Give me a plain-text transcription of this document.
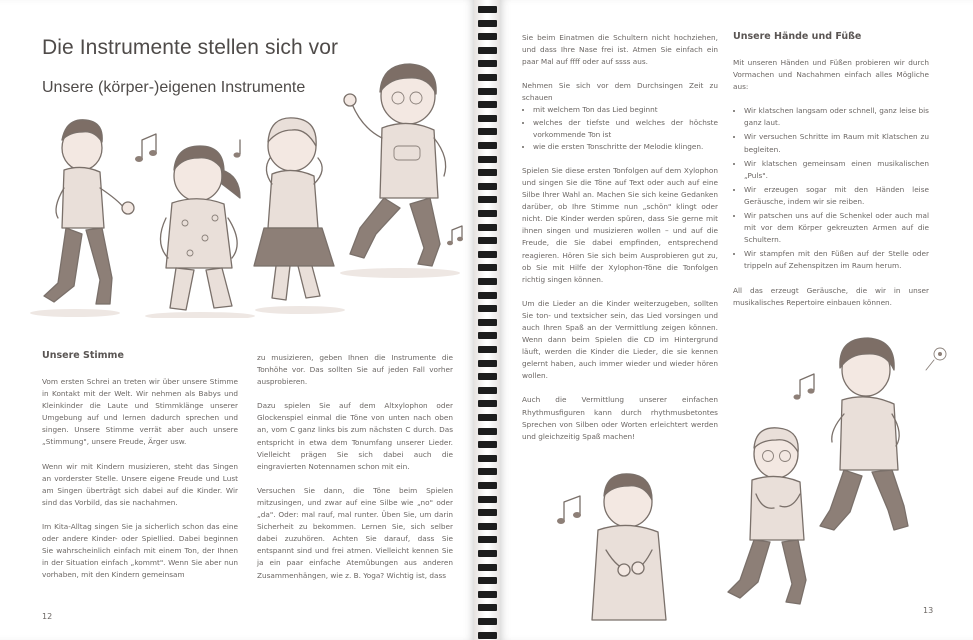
Die Instrumente stellen sich vor
Unsere (körper-)eigenen Instrumente
Unsere Stimme

Vom ersten Schrei an treten wir über unsere Stimme in Kontakt mit der Welt. Wir nehmen als Babys und Kleinkinder die Laute und Stimmklänge unserer Umgebung auf und lernen dadurch sprechen und singen. Unsere Stimme verrät aber auch unsere „Stimmung", unsere Freude, Ärger usw.

Wenn wir mit Kindern musizieren, steht das Singen an vorderster Stelle. Unsere eigene Freude und Lust am Singen überträgt sich dabei auf die Kinder. Wir sind das Vorbild, das sie nachahmen.

Im Kita-Alltag singen Sie ja sicherlich schon das eine oder andere Kinder- oder Spiellied. Dabei beginnen Sie wahrscheinlich einfach mit einem Ton, der Ihnen in der Situation einfach „kommt". Wenn Sie aber nun vorhaben, mit den Kindern gemeinsam

zu musizieren, geben Ihnen die Instrumente die Tonhöhe vor. Das sollten Sie auf jeden Fall vorher ausprobieren.

Dazu spielen Sie auf dem Altxylophon oder Glockenspiel einmal die Töne von unten nach oben an, vom C ganz links bis zum nächsten C durch. Das entspricht in etwa dem Tonumfang unserer Lieder. Vielleicht prägen Sie sich dabei auch die eingravierten Notennamen schon mit ein.

Versuchen Sie dann, die Töne beim Spielen mitzusingen, und zwar auf eine Silbe wie „no" oder „da". Oder: mal rauf, mal runter. Üben Sie, um darin Sicherheit zu bekommen. Lernen Sie, sich selber dabei zuzuhören. Achten Sie darauf, dass Sie entspannt sind und frei atmen. Vielleicht kennen Sie ja ein paar einfache Atemübungen aus anderen Zusammenhängen, wie z. B. Yoga? Wichtig ist, dass

12

Sie beim Einatmen die Schultern nicht hochziehen, und dass Ihre Nase frei ist. Atmen Sie einfach ein paar Mal auf ffff oder auf ssss aus.

Nehmen Sie sich vor dem Durchsingen Zeit zu schauen

• mit welchem Ton das Lied beginnt
• welches der tiefste und welches der höchste vorkommende Ton ist
• wie die ersten Tonschritte der Melodie klingen.

Spielen Sie diese ersten Tonfolgen auf dem Xylophon und singen Sie die Töne auf Text oder auch auf eine Silbe Ihrer Wahl an. Machen Sie sich keine Gedanken darüber, ob Ihre Stimme nun „schön" klingt oder nicht. Die Kinder werden spüren, dass Sie gerne mit ihnen singen und musizieren wollen – und auf die Freude, die Sie dabei empfinden, entsprechend reagieren. Hören Sie sich beim Ausprobieren gut zu, ob Sie mit Hilfe der Xylophon-Töne die Tonfolgen richtig singen können.

Um die Lieder an die Kinder weiterzugeben, sollten Sie ton- und textsicher sein, das Lied vorsingen und auch Ihren Spaß an der Vermittlung zeigen können. Wenn dann beim Spielen die CD im Hintergrund läuft, werden die Kinder die Lieder, die sie kennen gelernt haben, auch immer wieder und wieder hören wollen.

Auch die Vermittlung unserer einfachen Rhythmusfiguren kann durch rhythmusbetontes Sprechen von Silben oder Worten erleichtert werden und gleichzeitig Spaß machen!

Unsere Hände und Füße

Mit unseren Händen und Füßen probieren wir durch Vormachen und Nachahmen einfach alles Mögliche aus:

• Wir klatschen langsam oder schnell, ganz leise bis ganz laut.
• Wir versuchen Schritte im Raum mit Klatschen zu begleiten.
• Wir klatschen gemeinsam einen musikalischen „Puls".
• Wir erzeugen sogar mit den Händen leise Geräusche, indem wir sie reiben.
• Wir patschen uns auf die Schenkel oder auch mal mit vor dem Körper gekreuzten Armen auf die Schultern.
• Wir stampfen mit den Füßen auf der Stelle oder trippeln auf Zehenspitzen im Raum herum.

All das erzeugt Geräusche, die wir in unser musikalisches Repertoire einbauen können.

13
